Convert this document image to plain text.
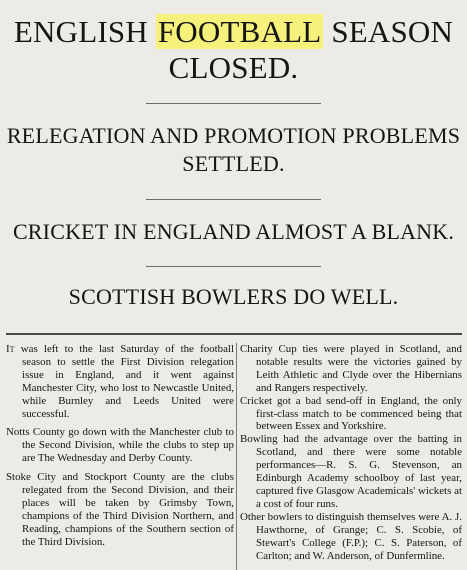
ENGLISH FOOTBALL SEASON
CLOSED.
RELEGATION AND PROMOTION PROBLEMS
SETTLED.
CRICKET IN ENGLAND ALMOST A BLANK.
SCOTTISH BOWLERS DO WELL.

It was left to the last Saturday of the football season to settle the First Division relegation issue in England, and it went against Manchester City, who lost to Newcastle United, while Burnley and Leeds United were successful.

Notts County go down with the Manchester club to the Second Division, while the clubs to step up are The Wednesday and Derby County.

Stoke City and Stockport County are the clubs relegated from the Second Division, and their places will be taken by Grimsby Town, champions of the Third Division Northern, and Reading, champions of the Southern section of the Third Division.

Charity Cup ties were played in Scotland, and notable results were the victories gained by Leith Athletic and Clyde over the Hibernians and Rangers respectively.

Cricket got a bad send-off in England, the only first-class match to be commenced being that between Essex and Yorkshire.

Bowling had the advantage over the batting in Scotland, and there were some notable performances—R. S. G. Stevenson, an Edinburgh Academy schoolboy of last year, captured five Glasgow Academicals' wickets at a cost of four runs.

Other bowlers to distinguish themselves were A. J. Hawthorne, of Grange; C. S. Scobie, of Stewart's College (F.P.); C. S. Paterson, of Carlton; and W. Anderson, of Dunfermline.
